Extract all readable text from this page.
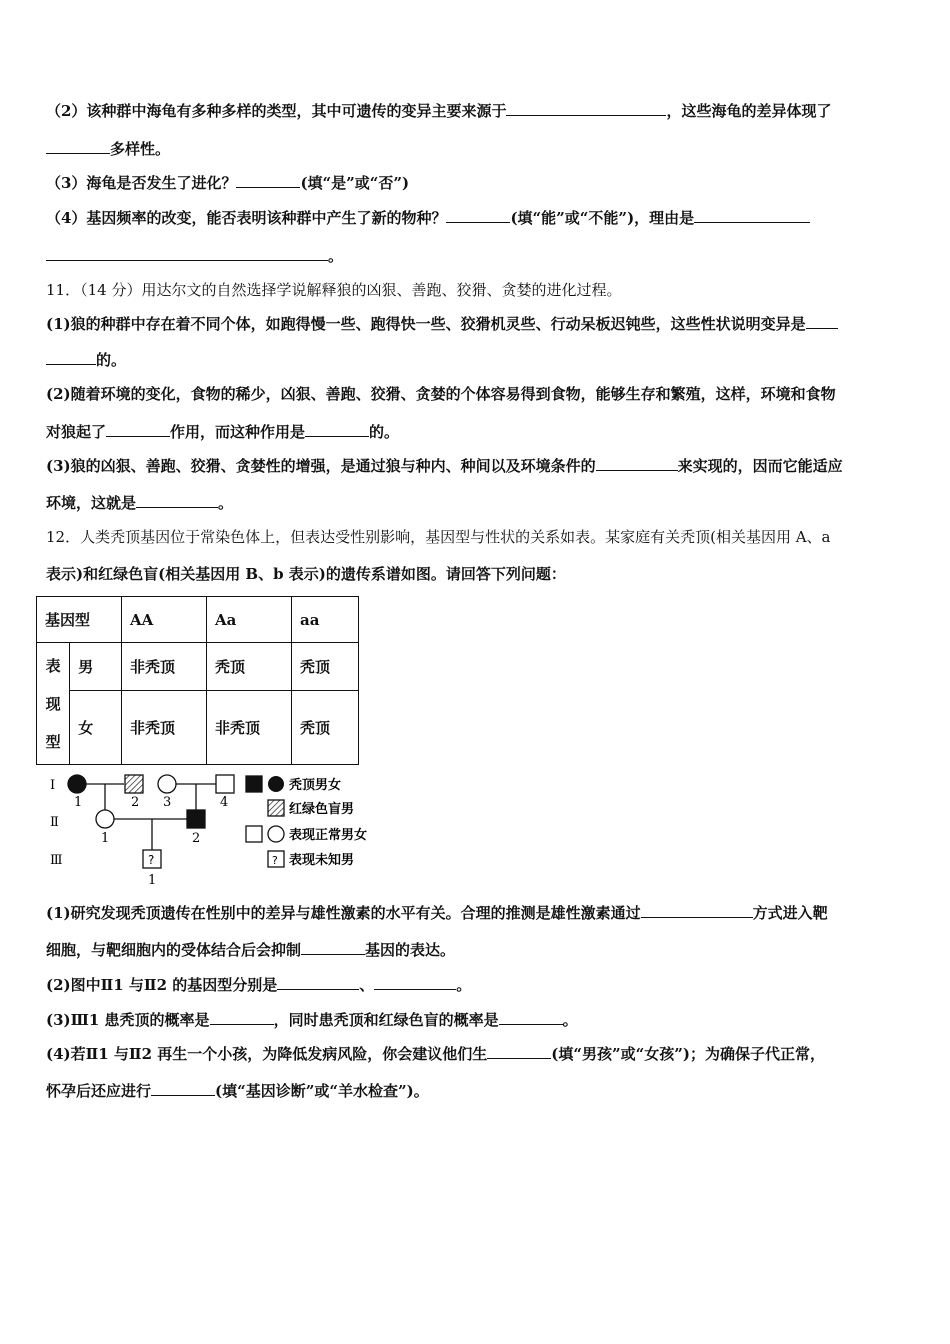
（2）该种群中海龟有多种多样的类型，其中可遗传的变异主要来源于	，这些海龟的差异体现了
多样性。
（3）海龟是否发生了进化？	(填“是”或“否”)
（4）基因频率的改变，能否表明该种群中产生了新的物种？	(填“能”或“不能”)，理由是
。
11．（14 分）用达尔文的自然选择学说解释狼的凶狠、善跑、狡猾、贪婪的进化过程。
(1)狼的种群中存在着不同个体，如跑得慢一些、跑得快一些、狡猾机灵些、行动呆板迟钝些，这些性状说明变异是
的。
(2)随着环境的变化，食物的稀少，凶狠、善跑、狡猾、贪婪的个体容易得到食物，能够生存和繁殖，这样，环境和食物
对狼起了	作用，而这种作用是	的。
(3)狼的凶狠、善跑、狡猾、贪婪性的增强，是通过狼与种内、种间以及环境条件的	来实现的，因而它能适应
环境，这就是	。
12．人类秃顶基因位于常染色体上，但表达受性别影响，基因型与性状的关系如表。某家庭有关秃顶(相关基因用 A、a
表示)和红绿色盲(相关基因用 B、b 表示)的遗传系谱如图。请回答下列问题：
基因型		AA	Aa	aa
表
现
型	男	非秃顶	秃顶	秃顶
	女	非秃顶	非秃顶	秃顶
Ⅰ
Ⅱ
Ⅲ
1	2 3	4
1	2
?
1
秃顶男女
红绿色盲男
表现正常男女
? 表现未知男
(1)研究发现秃顶遗传在性别中的差异与雄性激素的水平有关。合理的推测是雄性激素通过	方式进入靶
细胞，与靶细胞内的受体结合后会抑制	基因的表达。
(2)图中Ⅱ1 与Ⅱ2 的基因型分别是	、	。
(3)Ⅲ1 患秃顶的概率是	，同时患秃顶和红绿色盲的概率是	。
(4)若Ⅱ1 与Ⅱ2 再生一个小孩，为降低发病风险，你会建议他们生	(填“男孩”或“女孩”)；为确保子代正常，
怀孕后还应进行	(填“基因诊断”或“羊水检查”)。
